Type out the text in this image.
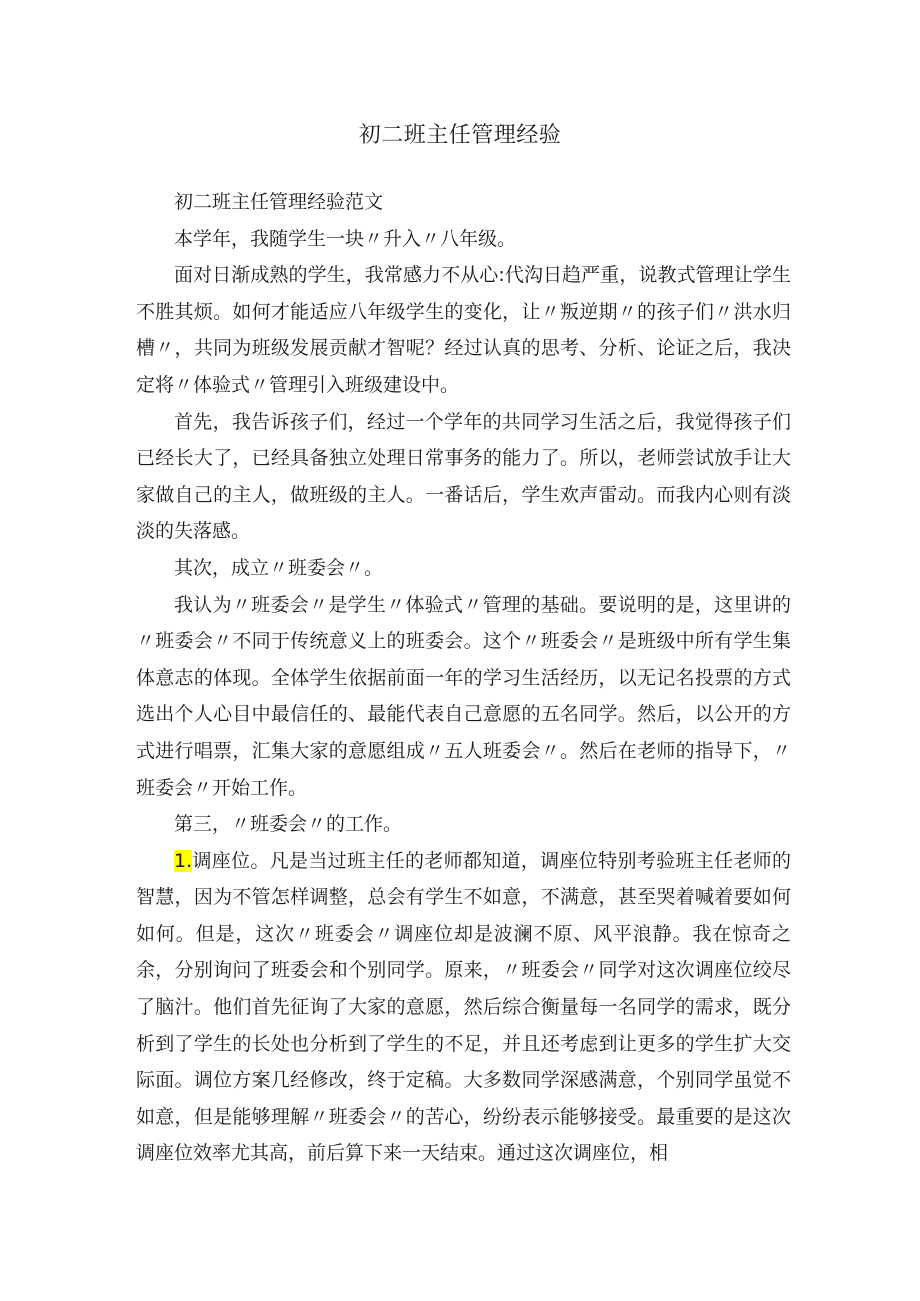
初二班主任管理经验

初二班主任管理经验范文

本学年，我随学生一块〃升入〃八年级。

面对日渐成熟的学生，我常感力不从心:代沟日趋严重，说教式管理让学生不胜其烦。如何才能适应八年级学生的变化，让〃叛逆期〃的孩子们〃洪水归槽〃，共同为班级发展贡献才智呢？经过认真的思考、分析、论证之后，我决定将〃体验式〃管理引入班级建设中。

首先，我告诉孩子们，经过一个学年的共同学习生活之后，我觉得孩子们已经长大了，已经具备独立处理日常事务的能力了。所以，老师尝试放手让大家做自己的主人，做班级的主人。一番话后，学生欢声雷动。而我内心则有淡淡的失落感。

其次，成立〃班委会〃。

我认为〃班委会〃是学生〃体验式〃管理的基础。要说明的是，这里讲的〃班委会〃不同于传统意义上的班委会。这个〃班委会〃是班级中所有学生集体意志的体现。全体学生依据前面一年的学习生活经历，以无记名投票的方式选出个人心目中最信任的、最能代表自己意愿的五名同学。然后，以公开的方式进行唱票，汇集大家的意愿组成〃五人班委会〃。然后在老师的指导下，〃班委会〃开始工作。

第三，〃班委会〃的工作。

1.调座位。凡是当过班主任的老师都知道，调座位特别考验班主任老师的智慧，因为不管怎样调整，总会有学生不如意，不满意，甚至哭着喊着要如何如何。但是，这次〃班委会〃调座位却是波澜不原、风平浪静。我在惊奇之余，分别询问了班委会和个别同学。原来，〃班委会〃同学对这次调座位绞尽了脑汁。他们首先征询了大家的意愿，然后综合衡量每一名同学的需求，既分析到了学生的长处也分析到了学生的不足，并且还考虑到让更多的学生扩大交际面。调位方案几经修改，终于定稿。大多数同学深感满意，个别同学虽觉不如意，但是能够理解〃班委会〃的苦心，纷纷表示能够接受。最重要的是这次调座位效率尤其高，前后算下来一天结束。通过这次调座位，相
